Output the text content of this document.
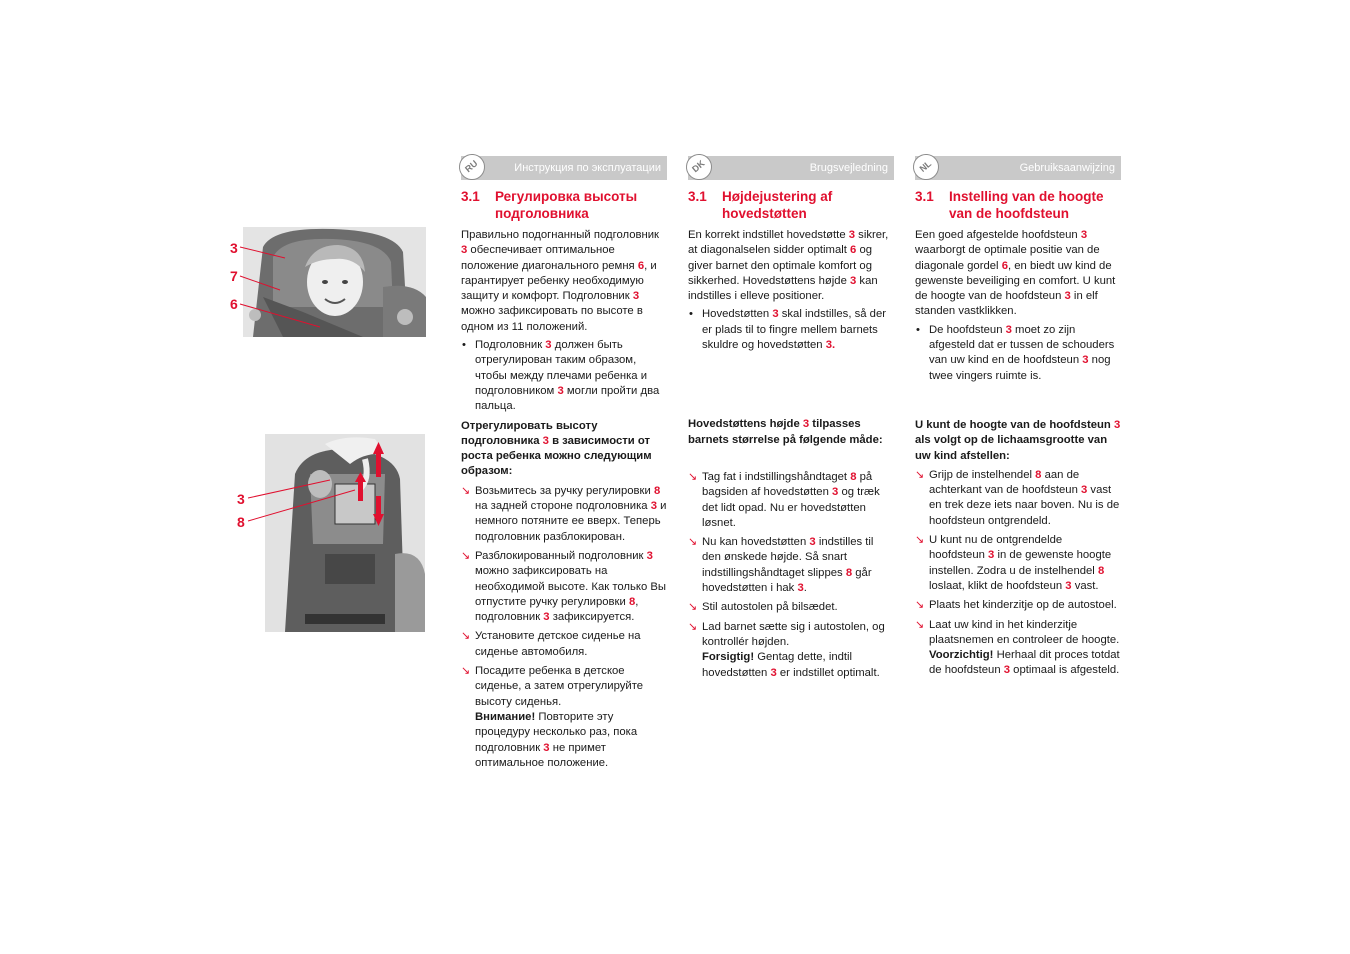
3
7
6
3
8
RU	Инструкция по эксплуатации
3.1	Регулировка высоты подголовника

Правильно подогнанный подголовник 3 обеспечивает оптимальное положение диагонального ремня 6, и гарантирует ребенку необходимую защиту и комфорт. Подголовник 3 можно зафиксировать по высоте в одном из 11 положений.

• Подголовник 3 должен быть отрегулирован таким образом, чтобы между плечами ребенка и подголовником 3 могли пройти два пальца.

Отрегулировать высоту подголовника 3 в зависимости от роста ребенка можно следующим образом:

↘ Возьмитесь за ручку регулировки 8 на задней стороне подголовника 3 и немного потяните ее вверх. Теперь подголовник разблокирован.
↘ Разблокированный подголовник 3 можно зафиксировать на необходимой высоте. Как только Вы отпустите ручку регулировки 8, подголовник 3 зафиксируется.
↘ Установите детское сиденье на сиденье автомобиля.
↘ Посадите ребенка в детское сиденье, а затем отрегулируйте высоту сиденья.
Внимание! Повторите эту процедуру несколько раз, пока подголовник 3 не примет оптимальное положение.
DK	Brugsvejledning
3.1	Højdejustering af hovedstøtten

En korrekt indstillet hovedstøtte 3 sikrer, at diagonalselen sidder optimalt 6 og giver barnet den optimale komfort og sikkerhed. Hovedstøttens højde 3 kan indstilles i elleve positioner.

• Hovedstøtten 3 skal indstilles, så der er plads til to fingre mellem barnets skuldre og hovedstøtten 3.

Hovedstøttens højde 3 tilpasses barnets størrelse på følgende måde:

↘ Tag fat i indstillingshåndtaget 8 på bagsiden af hovedstøtten 3 og træk det lidt opad. Nu er hovedstøtten løsnet.
↘ Nu kan hovedstøtten 3 indstilles til den ønskede højde. Så snart indstillingshåndtaget slippes 8 går hovedstøtten i hak 3.
↘ Stil autostolen på bilsædet.
↘ Lad barnet sætte sig i autostolen, og kontrollér højden.
Forsigtig! Gentag dette, indtil hovedstøtten 3 er indstillet optimalt.
NL	Gebruiksaanwijzing
3.1	Instelling van de hoogte van de hoofdsteun

Een goed afgestelde hoofdsteun 3 waarborgt de optimale positie van de diagonale gordel 6, en biedt uw kind de gewenste beveiliging en comfort. U kunt de hoogte van de hoofdsteun 3 in elf standen vastklikken.

• De hoofdsteun 3 moet zo zijn afgesteld dat er tussen de schouders van uw kind en de hoofdsteun 3 nog twee vingers ruimte is.

U kunt de hoogte van de hoofdsteun 3 als volgt op de lichaamsgrootte van uw kind afstellen:

↘ Grijp de instelhendel 8 aan de achterkant van de hoofdsteun 3 vast en trek deze iets naar boven. Nu is de hoofdsteun ontgrendeld.
↘ U kunt nu de ontgrendelde hoofdsteun 3 in de gewenste hoogte instellen. Zodra u de instelhendel 8 loslaat, klikt de hoofdsteun 3 vast.
↘ Plaats het kinderzitje op de autostoel.
↘ Laat uw kind in het kinderzitje plaatsnemen en controleer de hoogte.
Voorzichtig! Herhaal dit proces totdat de hoofdsteun 3 optimaal is afgesteld.
